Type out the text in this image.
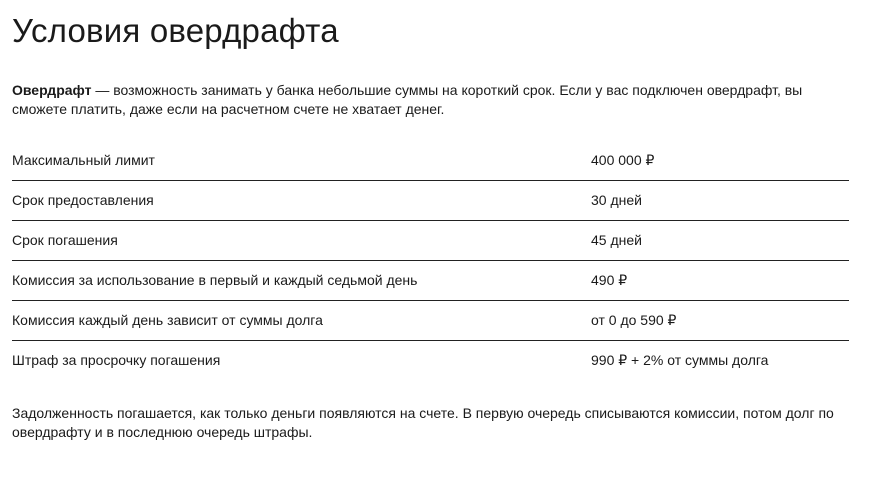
Условия овердрафта

Овердрафт — возможность занимать у банка небольшие суммы на короткий срок. Если у вас подключен овердрафт, вы сможете платить, даже если на расчетном счете не хватает денег.

Максимальный лимит	400 000 ₽
Срок предоставления	30 дней
Срок погашения	45 дней
Комиссия за использование в первый и каждый седьмой день	490 ₽
Комиссия каждый день зависит от суммы долга	от 0 до 590 ₽
Штраф за просрочку погашения	990 ₽ + 2% от суммы долга

Задолженность погашается, как только деньги появляются на счете. В первую очередь списываются комиссии, потом долг по овердрафту и в последнюю очередь штрафы.
